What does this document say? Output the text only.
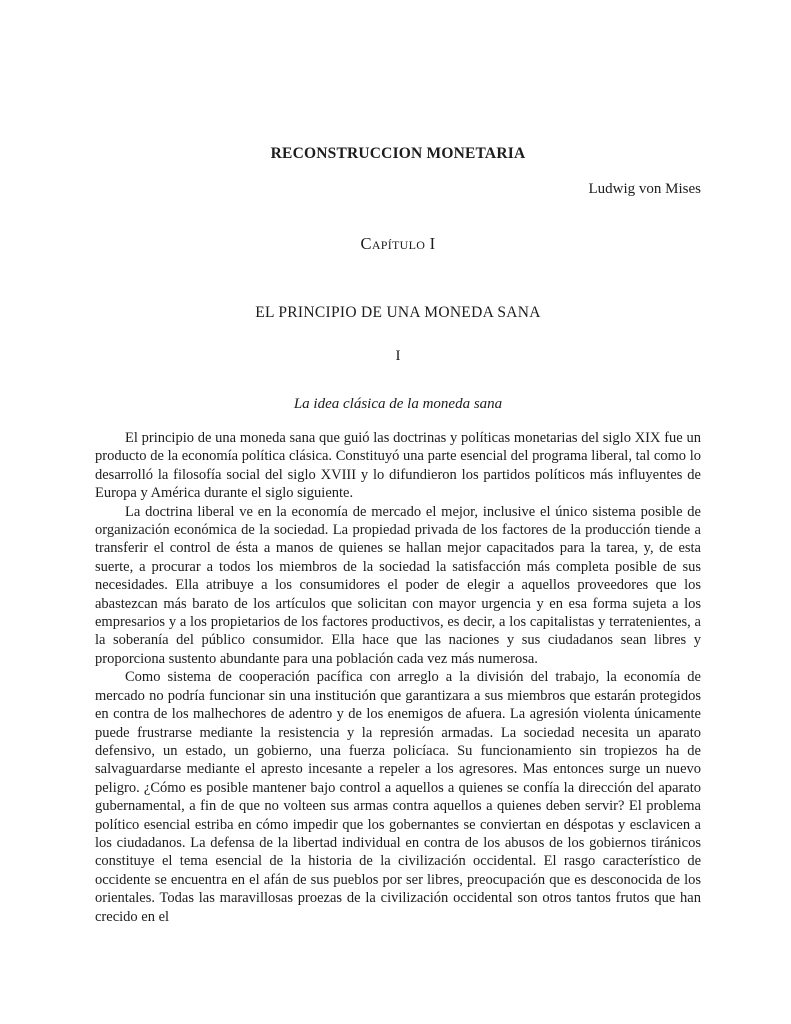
RECONSTRUCCION MONETARIA
Ludwig von Mises
Capítulo I
EL PRINCIPIO DE UNA MONEDA SANA
I
La idea clásica de la moneda sana

El principio de una moneda sana que guió las doctrinas y políticas monetarias del siglo XIX fue un producto de la economía política clásica. Constituyó una parte esencial del programa liberal, tal como lo desarrolló la filosofía social del siglo XVIII y lo difundieron los partidos políticos más influyentes de Europa y América durante el siglo siguiente.

La doctrina liberal ve en la economía de mercado el mejor, inclusive el único sistema posible de organización económica de la sociedad. La propiedad privada de los factores de la producción tiende a transferir el control de ésta a manos de quienes se hallan mejor capacitados para la tarea, y, de esta suerte, a procurar a todos los miembros de la sociedad la satisfacción más completa posible de sus necesidades. Ella atribuye a los consumidores el poder de elegir a aquellos proveedores que los abastezcan más barato de los artículos que solicitan con mayor urgencia y en esa forma sujeta a los empresarios y a los propietarios de los factores productivos, es decir, a los capitalistas y terratenientes, a la soberanía del público consumidor. Ella hace que las naciones y sus ciudadanos sean libres y proporciona sustento abundante para una población cada vez más numerosa.

Como sistema de cooperación pacífica con arreglo a la división del trabajo, la economía de mercado no podría funcionar sin una institución que garantizara a sus miembros que estarán protegidos en contra de los malhechores de adentro y de los enemigos de afuera. La agresión violenta únicamente puede frustrarse mediante la resistencia y la represión armadas. La sociedad necesita un aparato defensivo, un estado, un gobierno, una fuerza policíaca. Su funcionamiento sin tropiezos ha de salvaguardarse mediante el apresto incesante a repeler a los agresores. Mas entonces surge un nuevo peligro. ¿Cómo es posible mantener bajo control a aquellos a quienes se confía la dirección del aparato gubernamental, a fin de que no volteen sus armas contra aquellos a quienes deben servir? El problema político esencial estriba en cómo impedir que los gobernantes se conviertan en déspotas y esclavicen a los ciudadanos. La defensa de la libertad individual en contra de los abusos de los gobiernos tiránicos constituye el tema esencial de la historia de la civilización occidental. El rasgo característico de occidente se encuentra en el afán de sus pueblos por ser libres, preocupación que es desconocida de los orientales. Todas las maravillosas proezas de la civilización occidental son otros tantos frutos que han crecido en el
